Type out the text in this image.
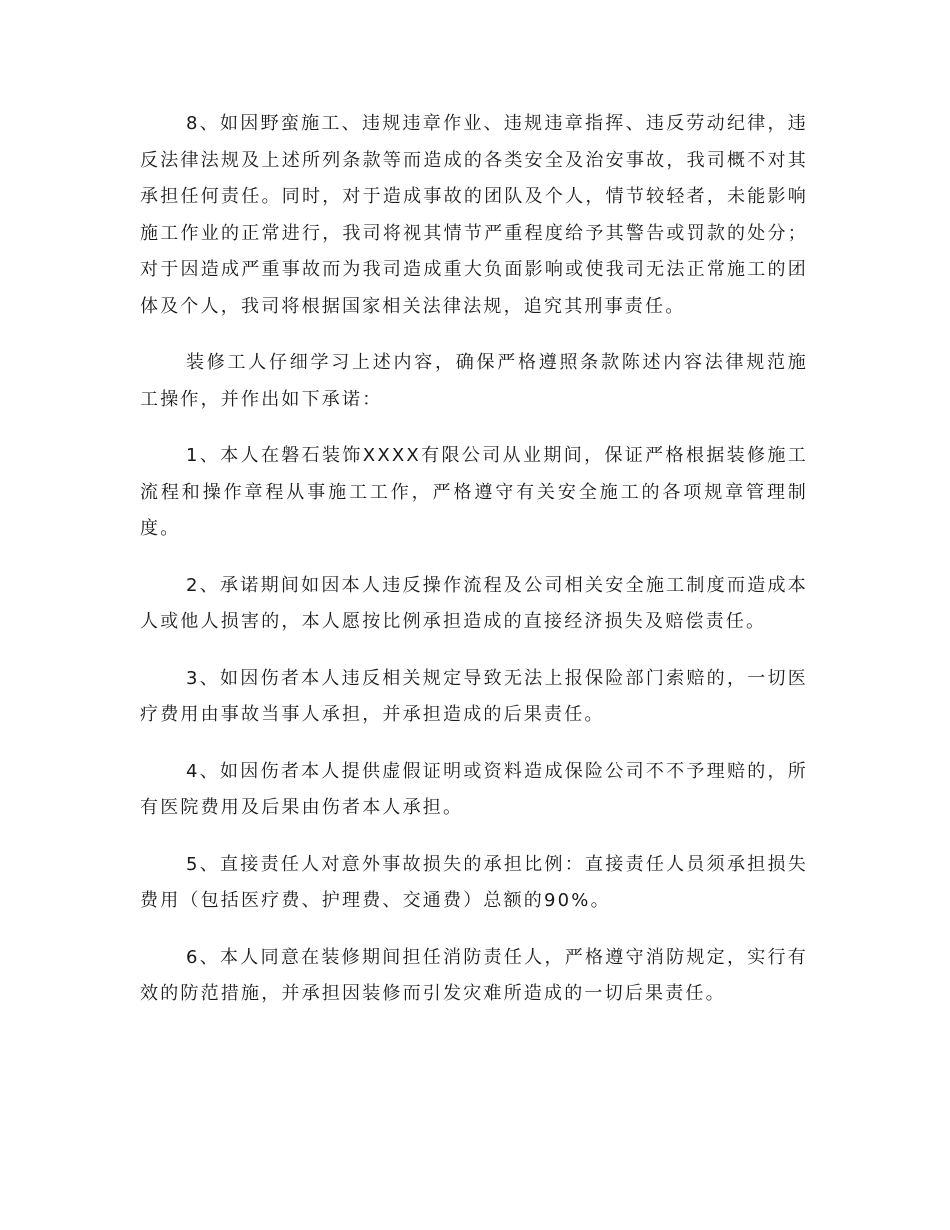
8、如因野蛮施工、违规违章作业、违规违章指挥、违反劳动纪律，违反法律法规及上述所列条款等而造成的各类安全及治安事故，我司概不对其承担任何责任。同时，对于造成事故的团队及个人，情节较轻者，未能影响施工作业的正常进行，我司将视其情节严重程度给予其警告或罚款的处分；对于因造成严重事故而为我司造成重大负面影响或使我司无法正常施工的团体及个人，我司将根据国家相关法律法规，追究其刑事责任。

装修工人仔细学习上述内容，确保严格遵照条款陈述内容法律规范施工操作，并作出如下承诺：

1、本人在磐石装饰XXXX有限公司从业期间，保证严格根据装修施工流程和操作章程从事施工工作，严格遵守有关安全施工的各项规章管理制度。

2、承诺期间如因本人违反操作流程及公司相关安全施工制度而造成本人或他人损害的，本人愿按比例承担造成的直接经济损失及赔偿责任。

3、如因伤者本人违反相关规定导致无法上报保险部门索赔的，一切医疗费用由事故当事人承担，并承担造成的后果责任。

4、如因伤者本人提供虚假证明或资料造成保险公司不不予理赔的，所有医院费用及后果由伤者本人承担。

5、直接责任人对意外事故损失的承担比例：直接责任人员须承担损失费用（包括医疗费、护理费、交通费）总额的90%。

6、本人同意在装修期间担任消防责任人，严格遵守消防规定，实行有效的防范措施，并承担因装修而引发灾难所造成的一切后果责任。
